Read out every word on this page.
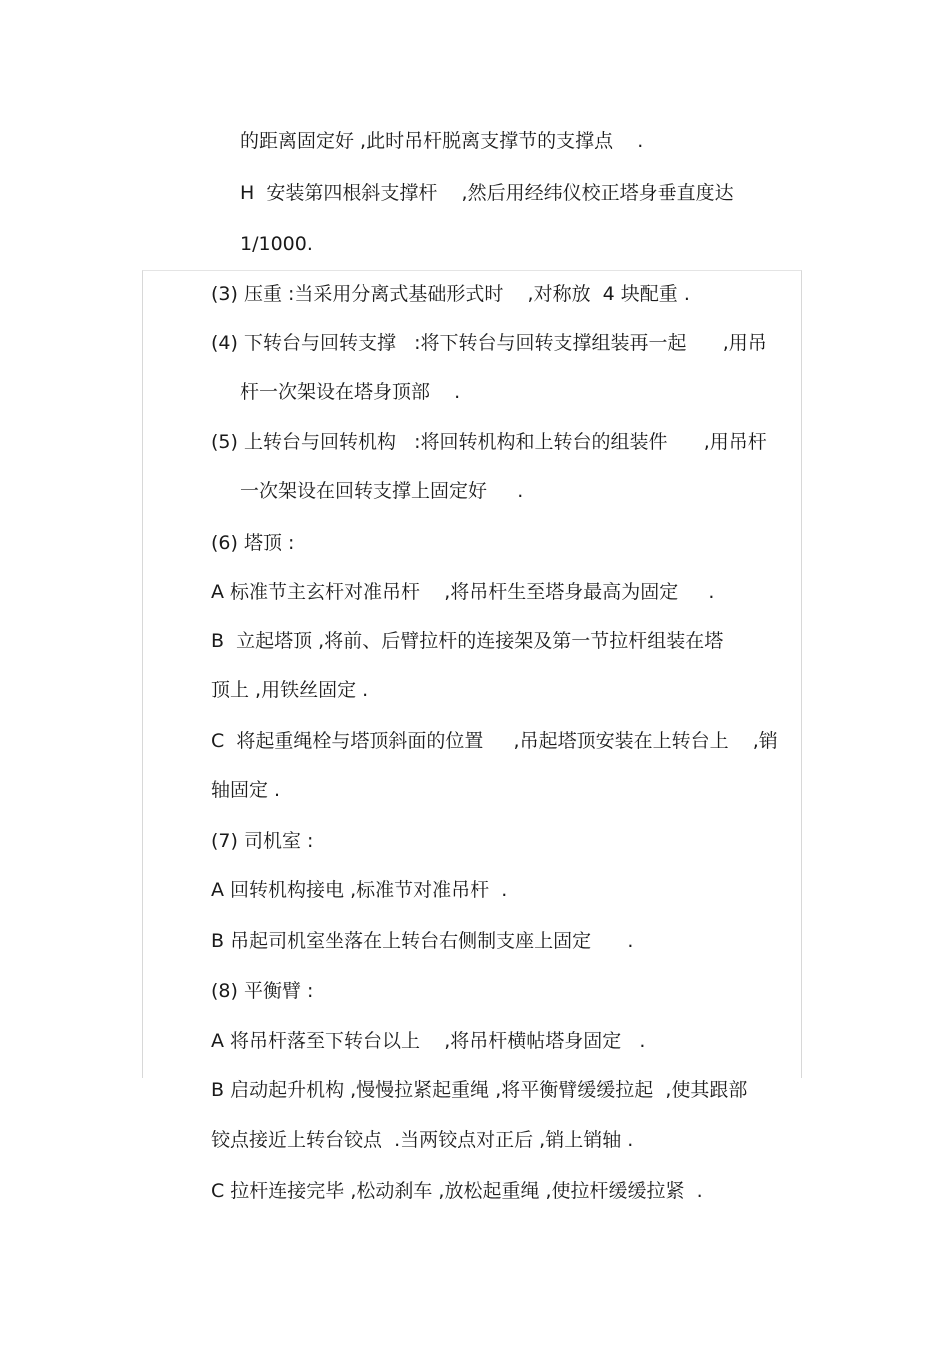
的距离固定好 ,此时吊杆脱离支撑节的支撑点    .
H  安装第四根斜支撑杆    ,然后用经纬仪校正塔身垂直度达
1/1000.
(3) 压重 :当采用分离式基础形式时    ,对称放  4 块配重 .
(4) 下转台与回转支撑   :将下转台与回转支撑组装再一起      ,用吊
杆一次架设在塔身顶部    .
(5) 上转台与回转机构   :将回转机构和上转台的组装件      ,用吊杆
一次架设在回转支撑上固定好     .
(6) 塔顶 :
A 标准节主玄杆对准吊杆    ,将吊杆生至塔身最高为固定     .
B  立起塔顶 ,将前、后臂拉杆的连接架及第一节拉杆组装在塔
顶上 ,用铁丝固定 .
C  将起重绳栓与塔顶斜面的位置     ,吊起塔顶安装在上转台上    ,销
轴固定 .
(7) 司机室 :
A 回转机构接电 ,标准节对准吊杆  .
B 吊起司机室坐落在上转台右侧制支座上固定      .
(8) 平衡臂 :
A 将吊杆落至下转台以上    ,将吊杆横帖塔身固定   .
B 启动起升机构 ,慢慢拉紧起重绳 ,将平衡臂缓缓拉起  ,使其跟部
铰点接近上转台铰点  .当两铰点对正后 ,销上销轴 .
C 拉杆连接完毕 ,松动刹车 ,放松起重绳 ,使拉杆缓缓拉紧  .
